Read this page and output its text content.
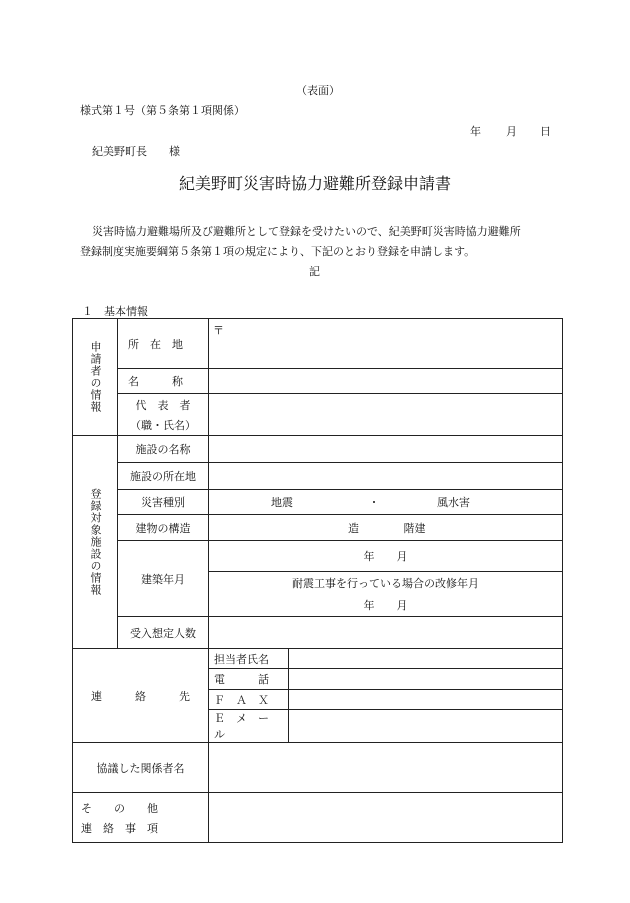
（表面）
様式第１号（第５条第１項関係）
年 月 日
紀美野町長　　様
紀美野町災害時協力避難所登録申請書
災害時協力避難場所及び避難所として登録を受けたいので、紀美野町災害時協力避難所
登録制度実施要綱第５条第１項の規定により、下記のとおり登録を申請します。
記
１　基本情報
申請者の情報	所　在　地	〒	

	名　　　称		

	代　表　者
（職・氏名）		

登録対象施設の情報	施設の名称		
	施設の所在地		
	災害種別	地震 ・ 風水害	
	建物の構造	造 階建	
	建築年月	年　　月	

		耐震工事を行っている場合の改修年月
年　　月	

	受入想定人数		
連　　　絡　　　先		担当者氏名	
		電　　　話	
		Ｆ　Ａ　Ｘ	
		Ｅ　メ　ー　ル	
協議した関係者名			

そ　　の　　他
連　絡　事　項			
